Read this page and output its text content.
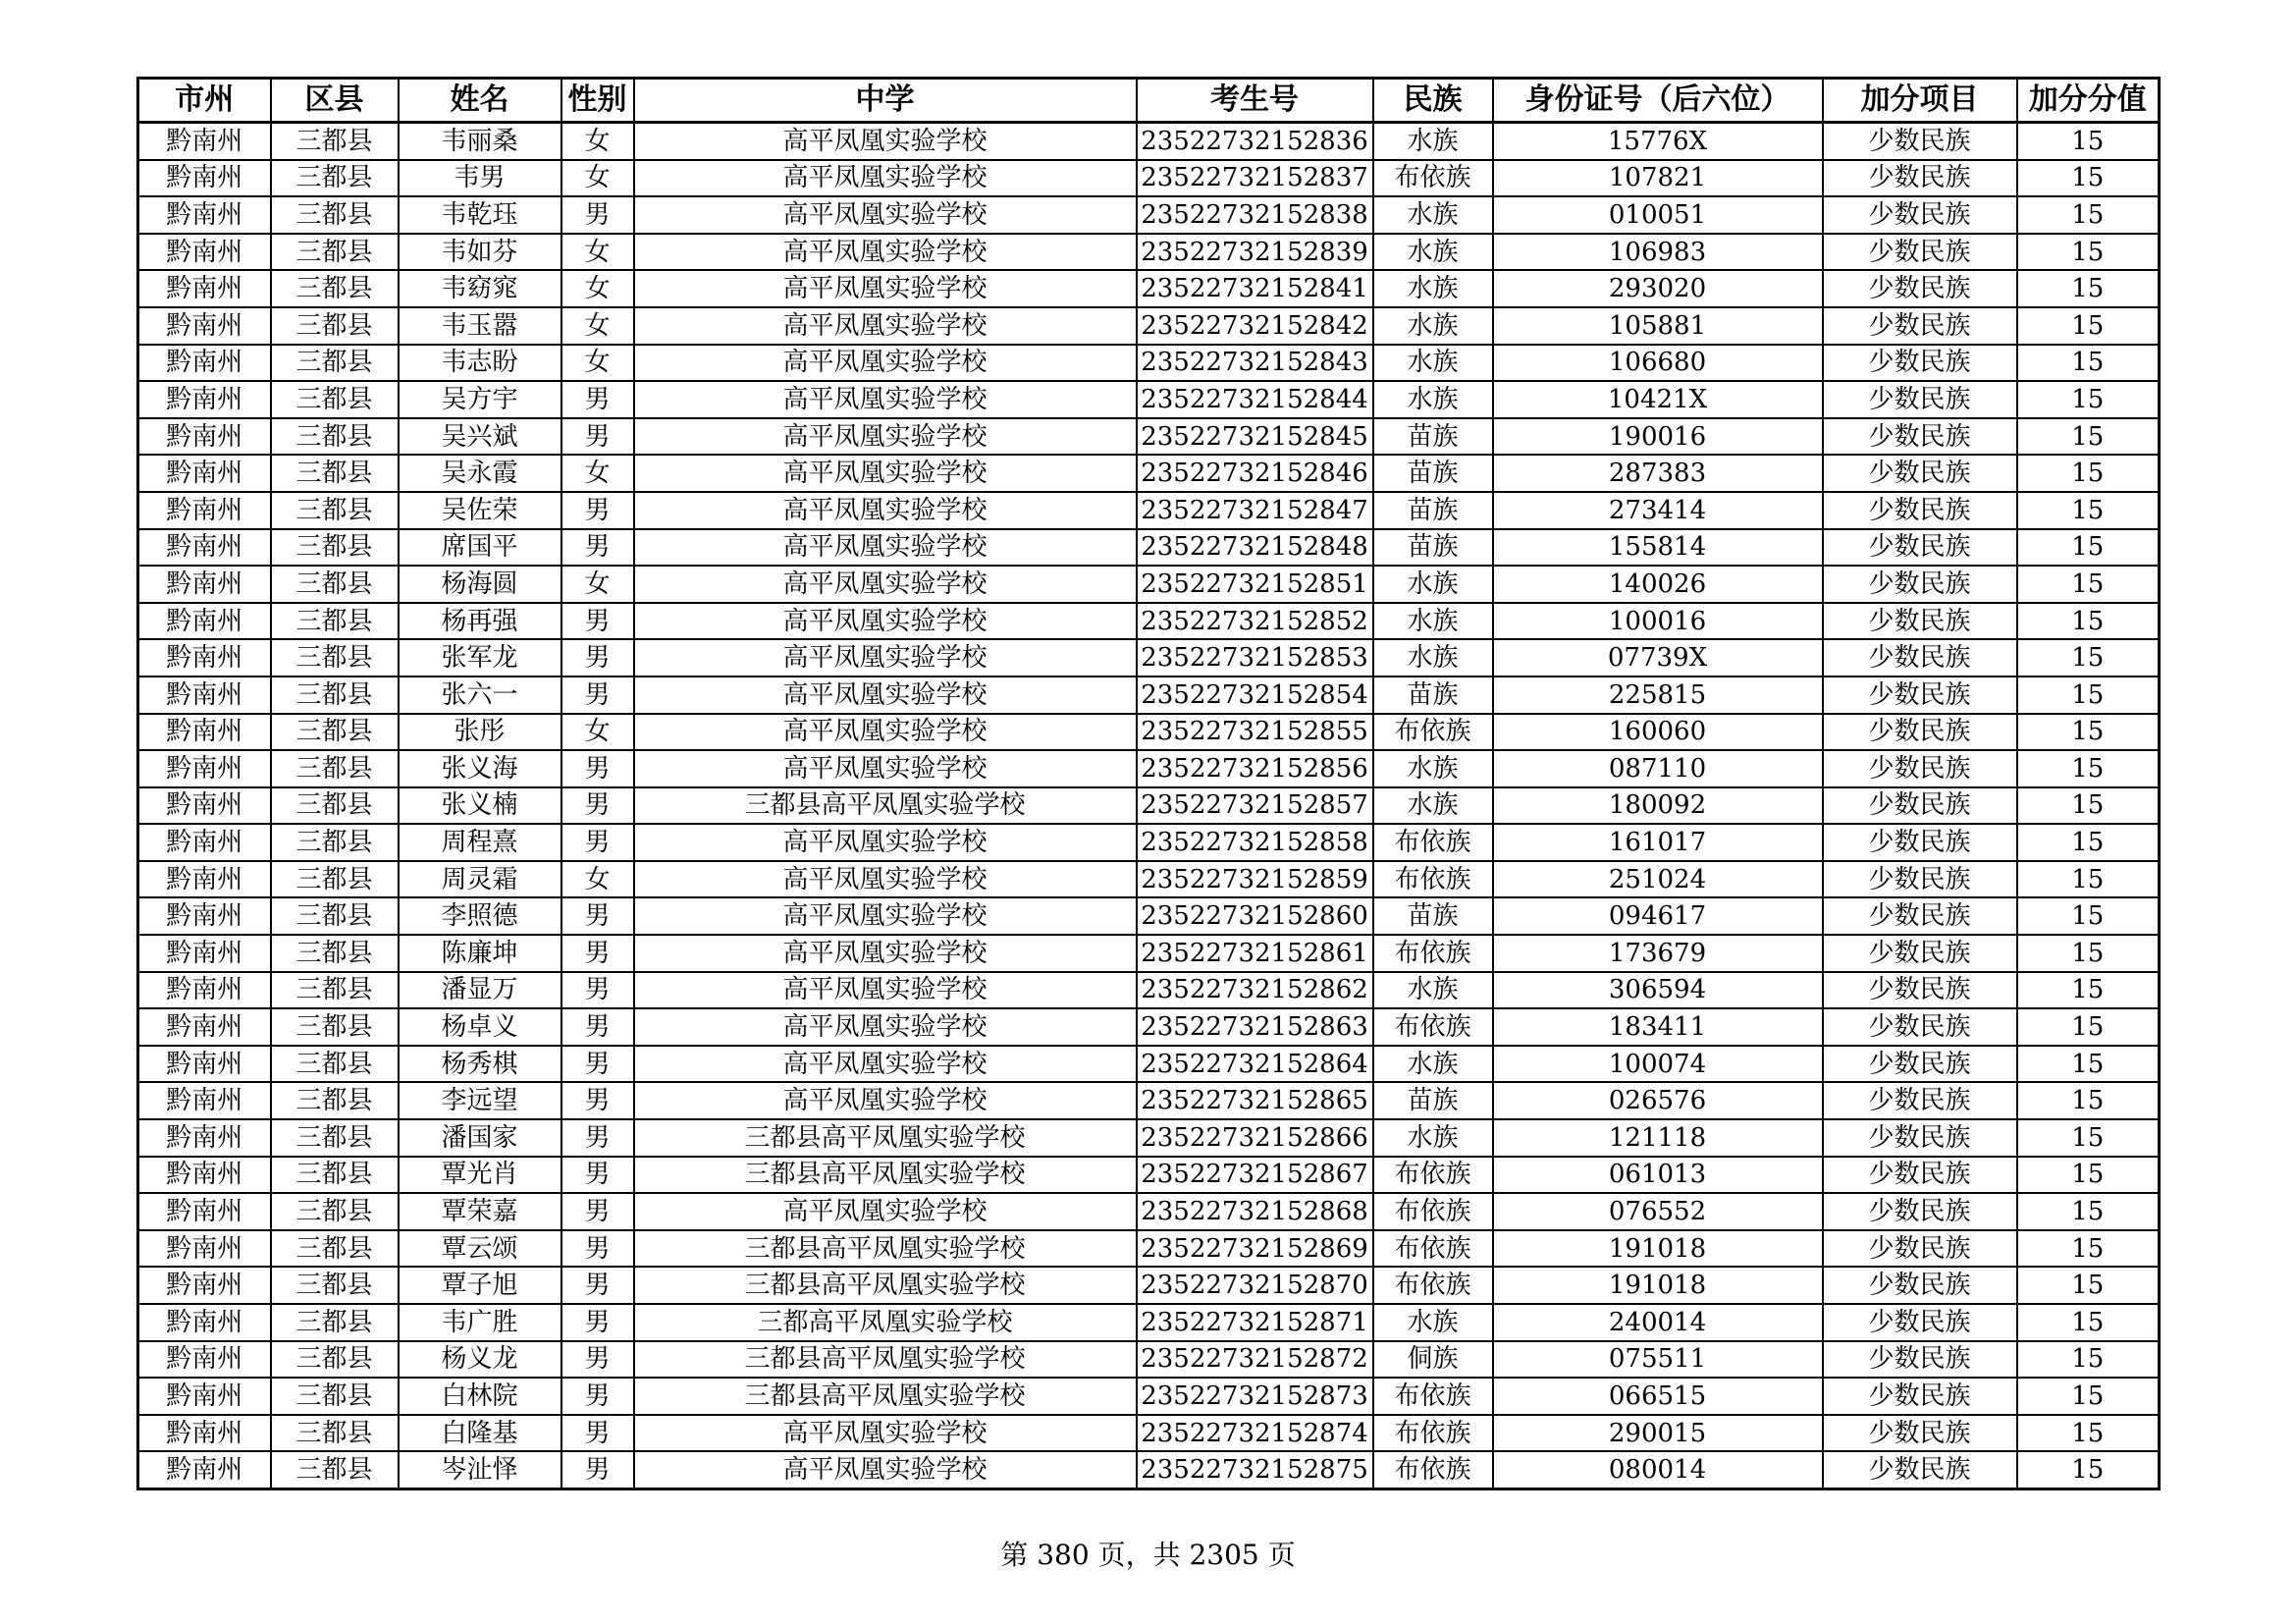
市州	区县	姓名	性别	中学	考生号	民族	身份证号（后六位）	加分项目	加分分值
黔南州	三都县	韦丽桑	女	高平凤凰实验学校	23522732152836	水族	15776X	少数民族	15
黔南州	三都县	韦男	女	高平凤凰实验学校	23522732152837	布依族	107821	少数民族	15
黔南州	三都县	韦乾珏	男	高平凤凰实验学校	23522732152838	水族	010051	少数民族	15
黔南州	三都县	韦如芬	女	高平凤凰实验学校	23522732152839	水族	106983	少数民族	15
黔南州	三都县	韦窈窕	女	高平凤凰实验学校	23522732152841	水族	293020	少数民族	15
黔南州	三都县	韦玉嚣	女	高平凤凰实验学校	23522732152842	水族	105881	少数民族	15
黔南州	三都县	韦志盼	女	高平凤凰实验学校	23522732152843	水族	106680	少数民族	15
黔南州	三都县	吴方宇	男	高平凤凰实验学校	23522732152844	水族	10421X	少数民族	15
黔南州	三都县	吴兴斌	男	高平凤凰实验学校	23522732152845	苗族	190016	少数民族	15
黔南州	三都县	吴永霞	女	高平凤凰实验学校	23522732152846	苗族	287383	少数民族	15
黔南州	三都县	吴佐荣	男	高平凤凰实验学校	23522732152847	苗族	273414	少数民族	15
黔南州	三都县	席国平	男	高平凤凰实验学校	23522732152848	苗族	155814	少数民族	15
黔南州	三都县	杨海圆	女	高平凤凰实验学校	23522732152851	水族	140026	少数民族	15
黔南州	三都县	杨再强	男	高平凤凰实验学校	23522732152852	水族	100016	少数民族	15
黔南州	三都县	张军龙	男	高平凤凰实验学校	23522732152853	水族	07739X	少数民族	15
黔南州	三都县	张六一	男	高平凤凰实验学校	23522732152854	苗族	225815	少数民族	15
黔南州	三都县	张彤	女	高平凤凰实验学校	23522732152855	布依族	160060	少数民族	15
黔南州	三都县	张义海	男	高平凤凰实验学校	23522732152856	水族	087110	少数民族	15
黔南州	三都县	张义楠	男	三都县高平凤凰实验学校	23522732152857	水族	180092	少数民族	15
黔南州	三都县	周程熹	男	高平凤凰实验学校	23522732152858	布依族	161017	少数民族	15
黔南州	三都县	周灵霜	女	高平凤凰实验学校	23522732152859	布依族	251024	少数民族	15
黔南州	三都县	李照德	男	高平凤凰实验学校	23522732152860	苗族	094617	少数民族	15
黔南州	三都县	陈廉坤	男	高平凤凰实验学校	23522732152861	布依族	173679	少数民族	15
黔南州	三都县	潘显万	男	高平凤凰实验学校	23522732152862	水族	306594	少数民族	15
黔南州	三都县	杨卓义	男	高平凤凰实验学校	23522732152863	布依族	183411	少数民族	15
黔南州	三都县	杨秀棋	男	高平凤凰实验学校	23522732152864	水族	100074	少数民族	15
黔南州	三都县	李远望	男	高平凤凰实验学校	23522732152865	苗族	026576	少数民族	15
黔南州	三都县	潘国家	男	三都县高平凤凰实验学校	23522732152866	水族	121118	少数民族	15
黔南州	三都县	覃光肖	男	三都县高平凤凰实验学校	23522732152867	布依族	061013	少数民族	15
黔南州	三都县	覃荣嘉	男	高平凤凰实验学校	23522732152868	布依族	076552	少数民族	15
黔南州	三都县	覃云颂	男	三都县高平凤凰实验学校	23522732152869	布依族	191018	少数民族	15
黔南州	三都县	覃子旭	男	三都县高平凤凰实验学校	23522732152870	布依族	191018	少数民族	15
黔南州	三都县	韦广胜	男	三都高平凤凰实验学校	23522732152871	水族	240014	少数民族	15
黔南州	三都县	杨义龙	男	三都县高平凤凰实验学校	23522732152872	侗族	075511	少数民族	15
黔南州	三都县	白林院	男	三都县高平凤凰实验学校	23522732152873	布依族	066515	少数民族	15
黔南州	三都县	白隆基	男	高平凤凰实验学校	23522732152874	布依族	290015	少数民族	15
黔南州	三都县	岑沚怿	男	高平凤凰实验学校	23522732152875	布依族	080014	少数民族	15
第 380 页，共 2305 页
